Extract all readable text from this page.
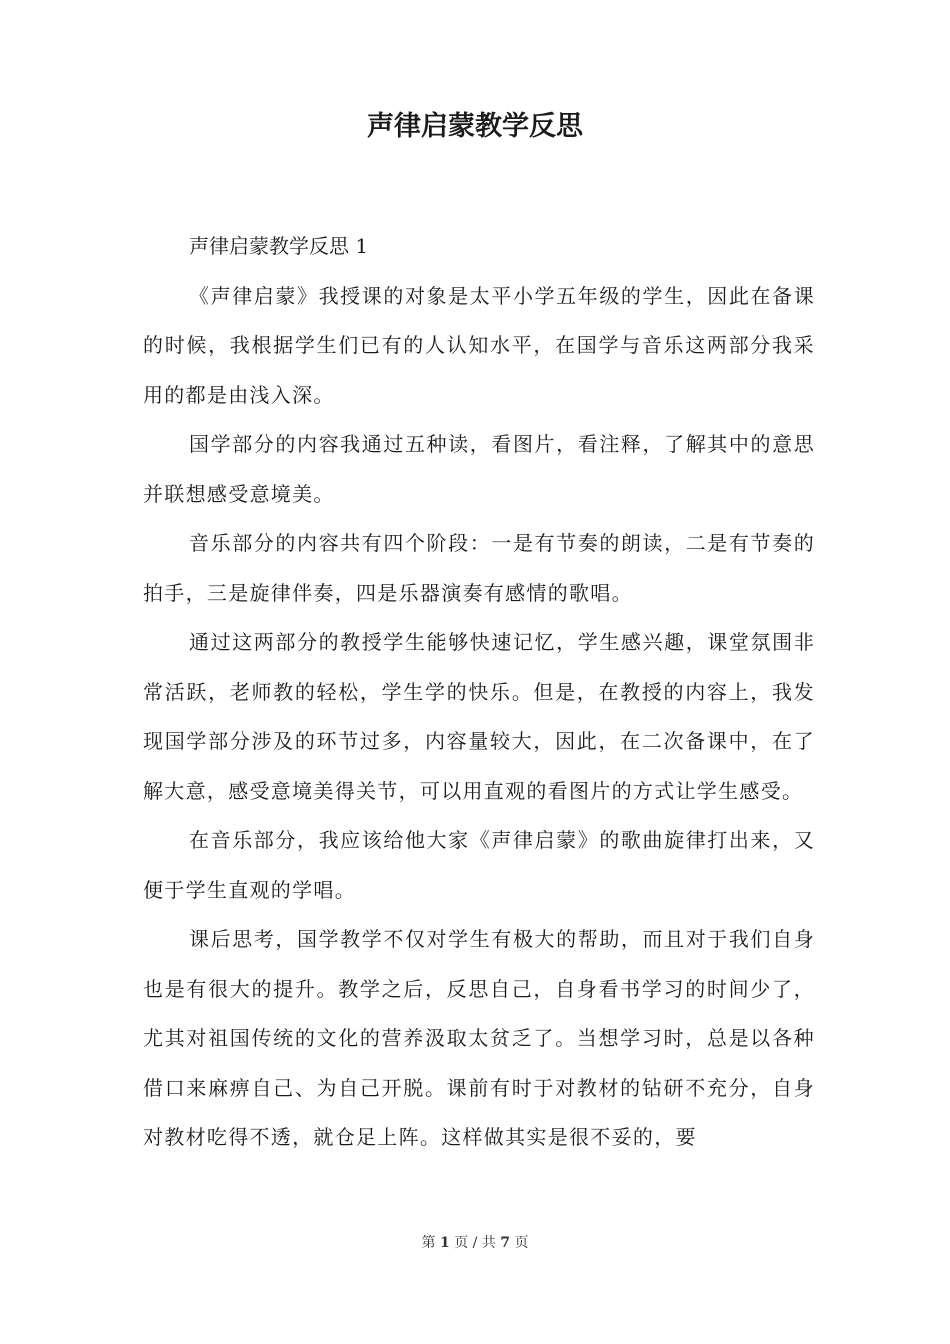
声律启蒙教学反思

声律启蒙教学反思 1

《声律启蒙》我授课的对象是太平小学五年级的学生，因此在备课的时候，我根据学生们已有的人认知水平，在国学与音乐这两部分我采用的都是由浅入深。

国学部分的内容我通过五种读，看图片，看注释，了解其中的意思并联想感受意境美。

音乐部分的内容共有四个阶段：一是有节奏的朗读，二是有节奏的拍手，三是旋律伴奏，四是乐器演奏有感情的歌唱。

通过这两部分的教授学生能够快速记忆，学生感兴趣，课堂氛围非常活跃，老师教的轻松，学生学的快乐。但是，在教授的内容上，我发现国学部分涉及的环节过多，内容量较大，因此，在二次备课中，在了解大意，感受意境美得关节，可以用直观的看图片的方式让学生感受。

在音乐部分，我应该给他大家《声律启蒙》的歌曲旋律打出来，又便于学生直观的学唱。

课后思考，国学教学不仅对学生有极大的帮助，而且对于我们自身也是有很大的提升。教学之后，反思自己，自身看书学习的时间少了，尤其对祖国传统的文化的营养汲取太贫乏了。当想学习时，总是以各种借口来麻痹自己、为自己开脱。课前有时于对教材的钻研不充分，自身对教材吃得不透，就仓足上阵。这样做其实是很不妥的，要

第 1 页 / 共 7 页
